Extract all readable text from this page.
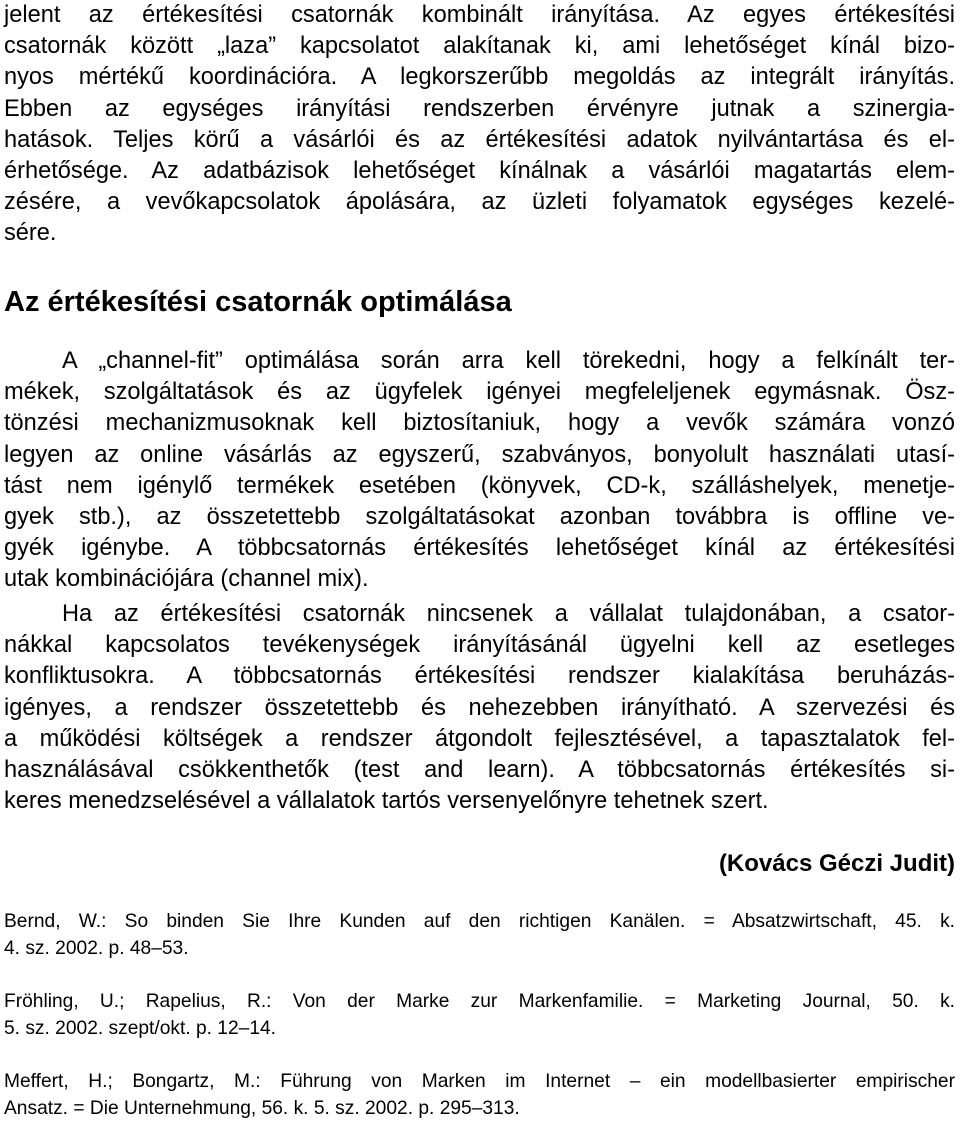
jelent az értékesítési csatornák kombinált irányítása. Az egyes értékesítési
csatornák között „laza” kapcsolatot alakítanak ki, ami lehetőséget kínál bizo-
nyos mértékű koordinációra. A legkorszerűbb megoldás az integrált irányítás.
Ebben az egységes irányítási rendszerben érvényre jutnak a szinergia-
hatások. Teljes körű a vásárlói és az értékesítési adatok nyilvántartása és el-
érhetősége. Az adatbázisok lehetőséget kínálnak a vásárlói magatartás elem-
zésére, a vevőkapcsolatok ápolására, az üzleti folyamatok egységes kezelé-
sére.
Az értékesítési csatornák optimálása
A „channel-fit” optimálása során arra kell törekedni, hogy a felkínált ter-
mékek, szolgáltatások és az ügyfelek igényei megfeleljenek egymásnak. Ösz-
tönzési mechanizmusoknak kell biztosítaniuk, hogy a vevők számára vonzó
legyen az online vásárlás az egyszerű, szabványos, bonyolult használati utasí-
tást nem igénylő termékek esetében (könyvek, CD-k, szálláshelyek, menetje-
gyek stb.), az összetettebb szolgáltatásokat azonban továbbra is offline ve-
gyék igénybe. A többcsatornás értékesítés lehetőséget kínál az értékesítési
utak kombinációjára (channel mix).
Ha az értékesítési csatornák nincsenek a vállalat tulajdonában, a csator-
nákkal kapcsolatos tevékenységek irányításánál ügyelni kell az esetleges
konfliktusokra. A többcsatornás értékesítési rendszer kialakítása beruházás-
igényes, a rendszer összetettebb és nehezebben irányítható. A szervezési és
a működési költségek a rendszer átgondolt fejlesztésével, a tapasztalatok fel-
használásával csökkenthetők (test and learn). A többcsatornás értékesítés si-
keres menedzselésével a vállalatok tartós versenyelőnyre tehetnek szert.
(Kovács Géczi Judit)
Bernd, W.: So binden Sie Ihre Kunden auf den richtigen Kanälen. = Absatzwirtschaft, 45. k.
4. sz. 2002. p. 48–53.
Fröhling, U.; Rapelius, R.: Von der Marke zur Markenfamilie. = Marketing Journal, 50. k.
5. sz. 2002. szept/okt. p. 12–14.
Meffert, H.; Bongartz, M.: Führung von Marken im Internet – ein modellbasierter empirischer
Ansatz. = Die Unternehmung, 56. k. 5. sz. 2002. p. 295–313.
